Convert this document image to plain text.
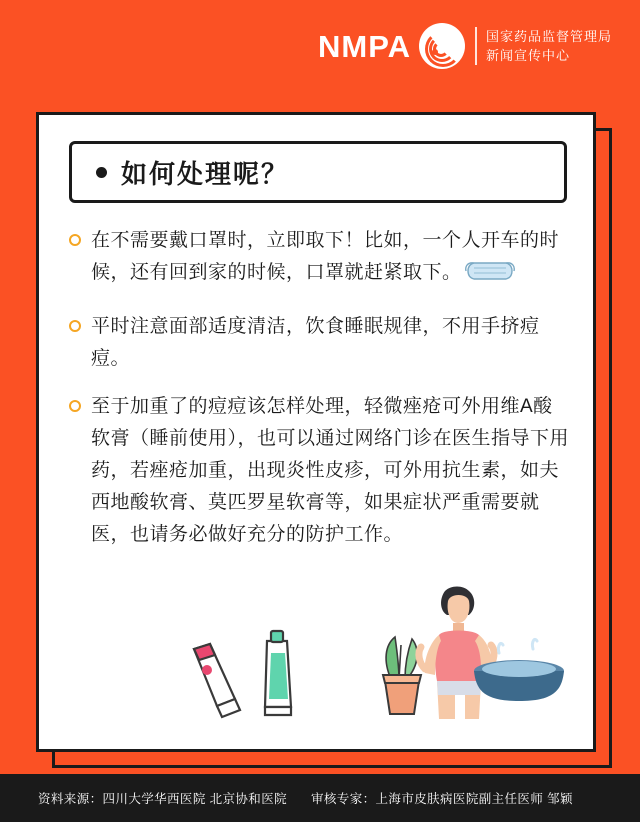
NMPA	国家药品监督管理局
新闻宣传中心
如何处理呢？
在不需要戴口罩时，立即取下！比如，一个人开车的时候，还有回到家的时候，口罩就赶紧取下。
平时注意面部适度清洁，饮食睡眠规律，不用手挤痘痘。
至于加重了的痘痘该怎样处理，轻微痤疮可外用维A酸软膏（睡前使用），也可以通过网络门诊在医生指导下用药，若痤疮加重，出现炎性皮疹，可外用抗生素，如夫西地酸软膏、莫匹罗星软膏等，如果症状严重需要就医，也请务必做好充分的防护工作。
资料来源：四川大学华西医院 北京协和医院 审核专家：上海市皮肤病医院副主任医师 邹颖
